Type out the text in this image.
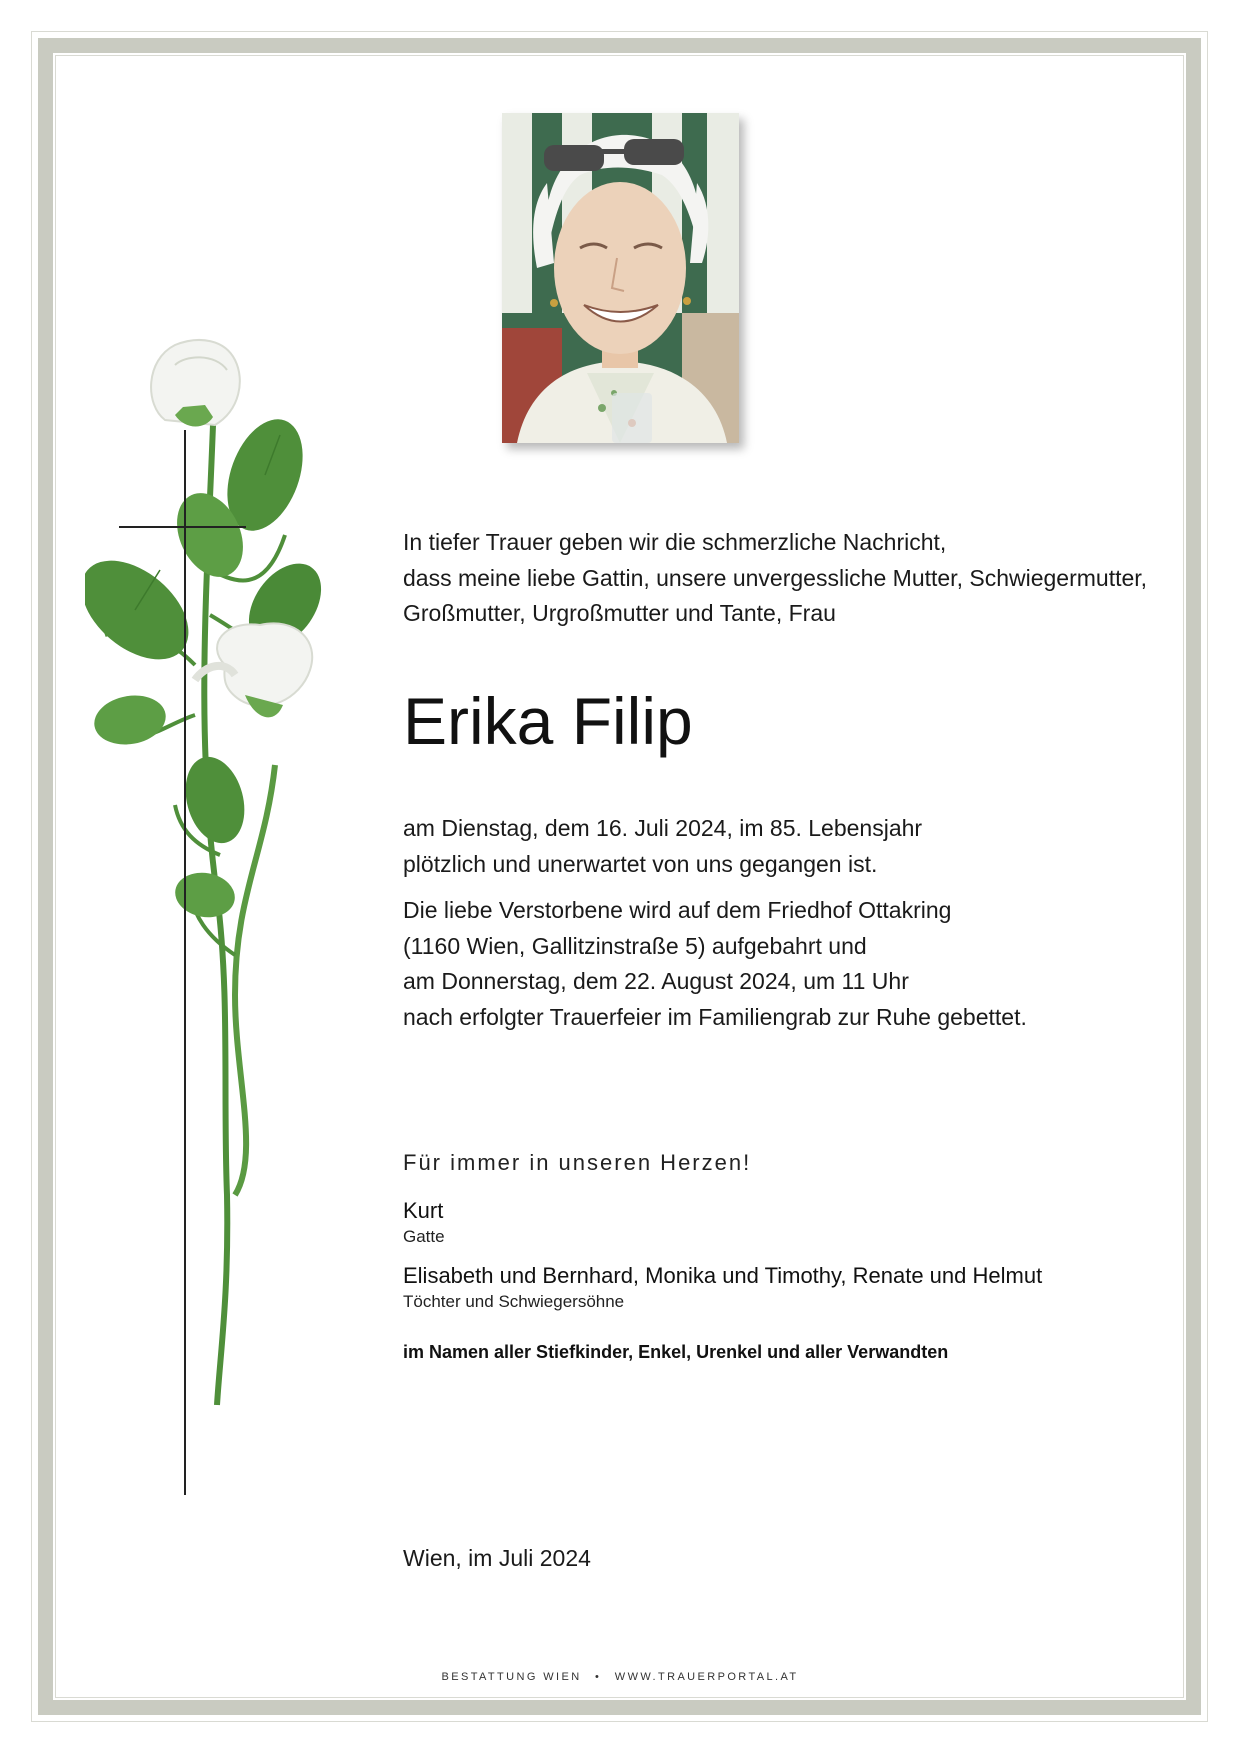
In tiefer Trauer geben wir die schmerzliche Nachricht,
dass meine liebe Gattin, unsere unvergessliche Mutter, Schwiegermutter,
Großmutter, Urgroßmutter und Tante, Frau
Erika Filip
am Dienstag, dem 16. Juli 2024, im 85. Lebensjahr
plötzlich und unerwartet von uns gegangen ist.
Die liebe Verstorbene wird auf dem Friedhof Ottakring
(1160 Wien, Gallitzinstraße 5) aufgebahrt und
am Donnerstag, dem 22. August 2024, um 11 Uhr
nach erfolgter Trauerfeier im Familiengrab zur Ruhe gebettet.
Für immer in unseren Herzen!
Kurt
Gatte
Elisabeth und Bernhard, Monika und Timothy, Renate und Helmut
Töchter und Schwiegersöhne
im Namen aller Stiefkinder, Enkel, Urenkel und aller Verwandten
Wien, im Juli 2024
BESTATTUNG WIEN • WWW.TRAUERPORTAL.AT
